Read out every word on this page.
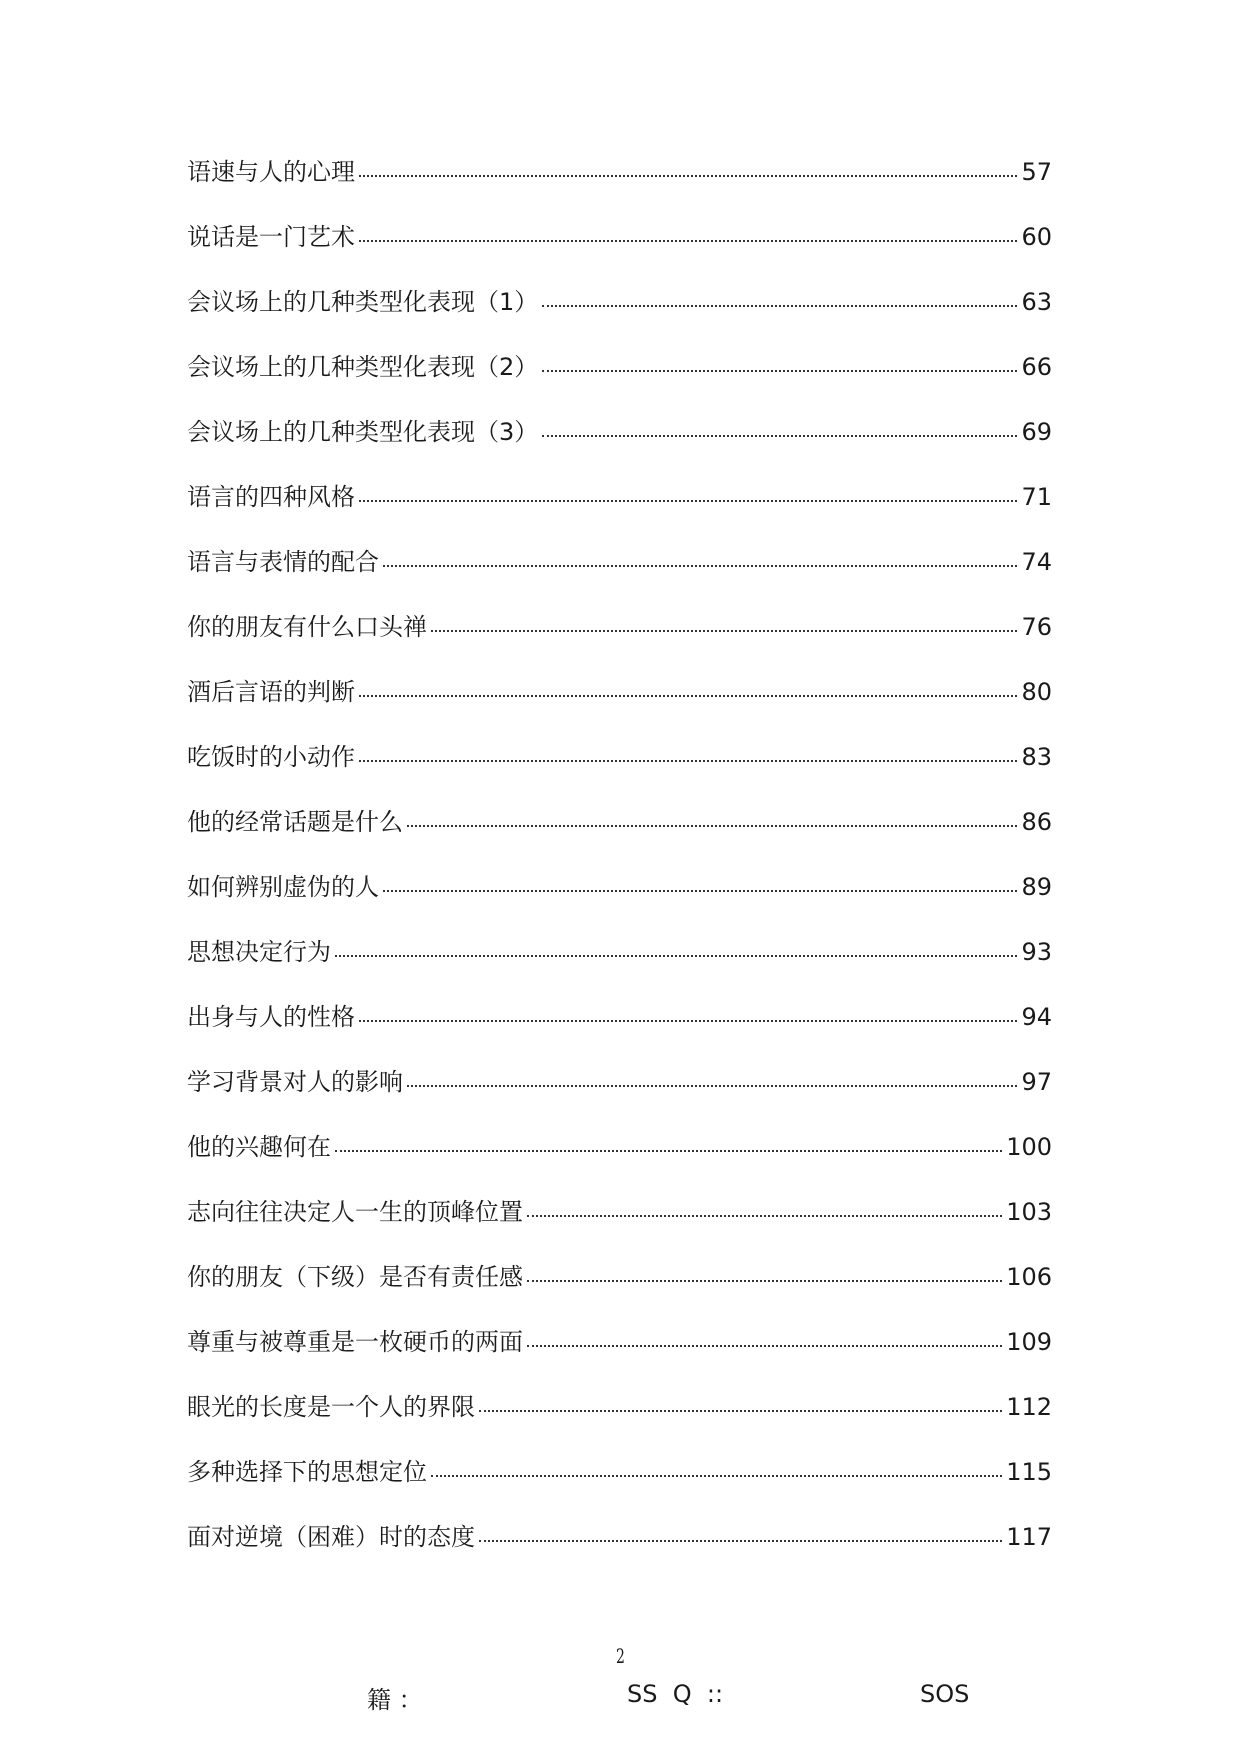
语速与人的心理	57
说话是一门艺术	60
会议场上的几种类型化表现（1）	63
会议场上的几种类型化表现（2）	66
会议场上的几种类型化表现（3）	69
语言的四种风格	71
语言与表情的配合	74
你的朋友有什么口头禅	76
酒后言语的判断	80
吃饭时的小动作	83
他的经常话题是什么	86
如何辨别虚伪的人	89
思想决定行为	93
出身与人的性格	94
学习背景对人的影响	97
他的兴趣何在	100
志向往往决定人一生的顶峰位置	103
你的朋友（下级）是否有责任感	106
尊重与被尊重是一枚硬币的两面	109
眼光的长度是一个人的界限	112
多种选择下的思想定位	115
面对逆境（困难）时的态度	117
2
籍 ：	SS  Q  ::	SOS
